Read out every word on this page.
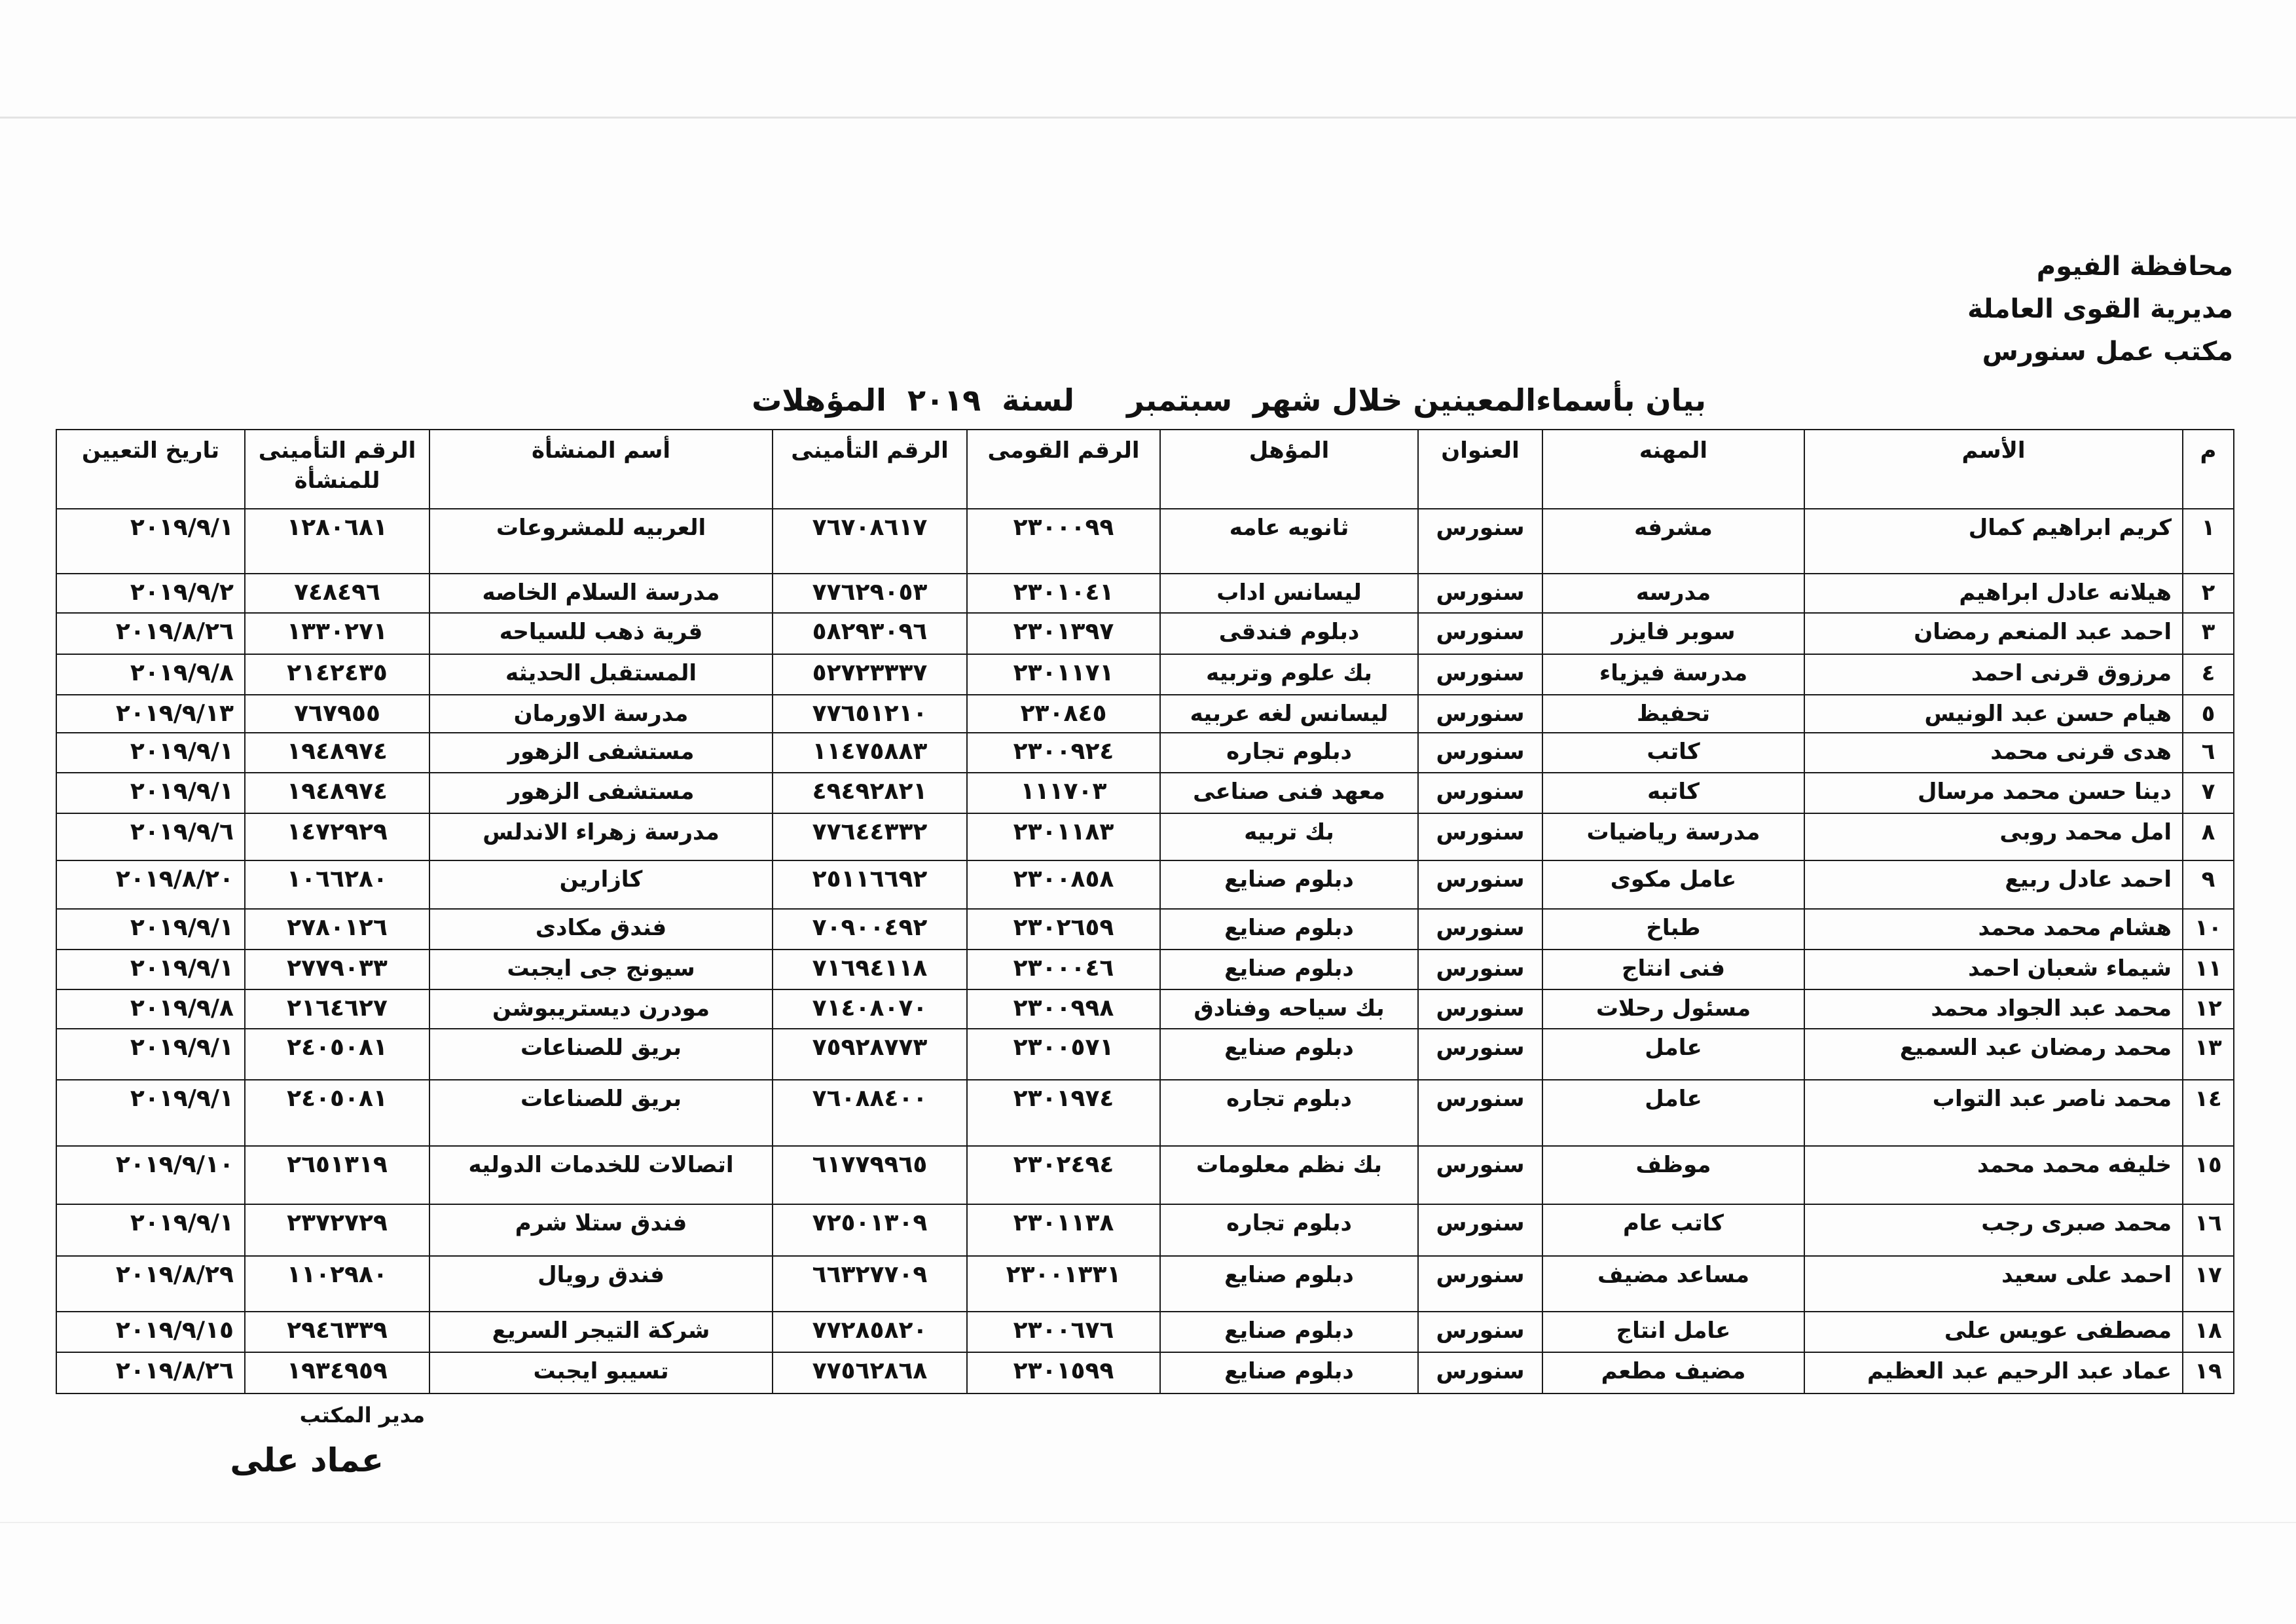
محافظة الفيوم
مديرية القوى العاملة
مكتب عمل سنورس
بيان بأسماءالمعينين خلال شهر  سبتمبر     لسنة  ٢٠١٩  المؤهلات
م	الأسم	المهنه	العنوان	المؤهل	الرقم القومى	الرقم التأمينى	أسم المنشأة	الرقم التأمينى للمنشأة	تاريخ التعيين
١	كريم ابراهيم كمال	مشرفه	سنورس	ثانويه عامه	٢٣٠٠٠٩٩	٧٦٧٠٨٦١٧	العربيه للمشروعات	١٢٨٠٦٨١	٢٠١٩/٩/١
٢	هيلانه عادل ابراهيم	مدرسه	سنورس	ليسانس اداب	٢٣٠١٠٤١	٧٧٦٢٩٠٥٣	مدرسة السلام الخاصه	٧٤٨٤٩٦	٢٠١٩/٩/٢
٣	احمد عبد المنعم رمضان	سوبر فايزر	سنورس	دبلوم فندقى	٢٣٠١٣٩٧	٥٨٢٩٣٠٩٦	قرية ذهب للسياحه	١٣٣٠٢٧١	٢٠١٩/٨/٢٦
٤	مرزوق قرنى احمد	مدرسة فيزياء	سنورس	بك علوم وتربيه	٢٣٠١١٧١	٥٢٧٢٣٣٣٧	المستقبل الحديثه	٢١٤٢٤٣٥	٢٠١٩/٩/٨
٥	هيام حسن عبد الونيس	تحفيظ	سنورس	ليسانس لغه عربيه	٢٣٠٨٤٥	٧٧٦٥١٢١٠	مدرسة الاورمان	٧٦٧٩٥٥	٢٠١٩/٩/١٣
٦	هدى قرنى محمد	كاتب	سنورس	دبلوم تجاره	٢٣٠٠٩٢٤	١١٤٧٥٨٨٣	مستشفى الزهور	١٩٤٨٩٧٤	٢٠١٩/٩/١
٧	دينا حسن محمد مرسال	كاتبه	سنورس	معهد فنى صناعى	١١١٧٠٣	٤٩٤٩٢٨٢١	مستشفى الزهور	١٩٤٨٩٧٤	٢٠١٩/٩/١
٨	امل محمد روبى	مدرسة رياضيات	سنورس	بك تربيه	٢٣٠١١٨٣	٧٧٦٤٤٣٣٢	مدرسة زهراء الاندلس	١٤٧٢٩٢٩	٢٠١٩/٩/٦
٩	احمد عادل ربيع	عامل مكوى	سنورس	دبلوم صنايع	٢٣٠٠٨٥٨	٢٥١١٦٦٩٢	كازارين	١٠٦٦٢٨٠	٢٠١٩/٨/٢٠
١٠	هشام محمد محمد	طباخ	سنورس	دبلوم صنايع	٢٣٠٢٦٥٩	٧٠٩٠٠٤٩٢	فندق مكادى	٢٧٨٠١٢٦	٢٠١٩/٩/١
١١	شيماء شعبان احمد	فنى انتاج	سنورس	دبلوم صنايع	٢٣٠٠٠٤٦	٧١٦٩٤١١٨	سيونج جى ايجبت	٢٧٧٩٠٣٣	٢٠١٩/٩/١
١٢	محمد عبد الجواد محمد	مسئول رحلات	سنورس	بك سياحه وفنادق	٢٣٠٠٩٩٨	٧١٤٠٨٠٧٠	مودرن ديستريبوشن	٢١٦٤٦٢٧	٢٠١٩/٩/٨
١٣	محمد رمضان عبد السميع	عامل	سنورس	دبلوم صنايع	٢٣٠٠٥٧١	٧٥٩٢٨٧٧٣	بريق للصناعات	٢٤٠٥٠٨١	٢٠١٩/٩/١
١٤	محمد ناصر عبد التواب	عامل	سنورس	دبلوم تجاره	٢٣٠١٩٧٤	٧٦٠٨٨٤٠٠	بريق للصناعات	٢٤٠٥٠٨١	٢٠١٩/٩/١
١٥	خليفه محمد محمد	موظف	سنورس	بك نظم معلومات	٢٣٠٢٤٩٤	٦١٧٧٩٩٦٥	اتصالات للخدمات الدوليه	٢٦٥١٣١٩	٢٠١٩/٩/١٠
١٦	محمد صبرى رجب	كاتب عام	سنورس	دبلوم تجاره	٢٣٠١١٣٨	٧٢٥٠١٣٠٩	فندق ستلا شرم	٢٣٧٢٧٢٩	٢٠١٩/٩/١
١٧	احمد على سعيد	مساعد مضيف	سنورس	دبلوم صنايع	٢٣٠٠١٣٣١	٦٦٣٢٧٧٠٩	فندق رويال	١١٠٢٩٨٠	٢٠١٩/٨/٢٩
١٨	مصطفى عويس على	عامل انتاج	سنورس	دبلوم صنايع	٢٣٠٠٦٧٦	٧٧٢٨٥٨٢٠	شركة التيجر السريع	٢٩٤٦٣٣٩	٢٠١٩/٩/١٥
١٩	عماد عبد الرحيم عبد العظيم	مضيف مطعم	سنورس	دبلوم صنايع	٢٣٠١٥٩٩	٧٧٥٦٢٨٦٨	تسيبو ايجبت	١٩٣٤٩٥٩	٢٠١٩/٨/٢٦
مدير المكتب
عماد على
